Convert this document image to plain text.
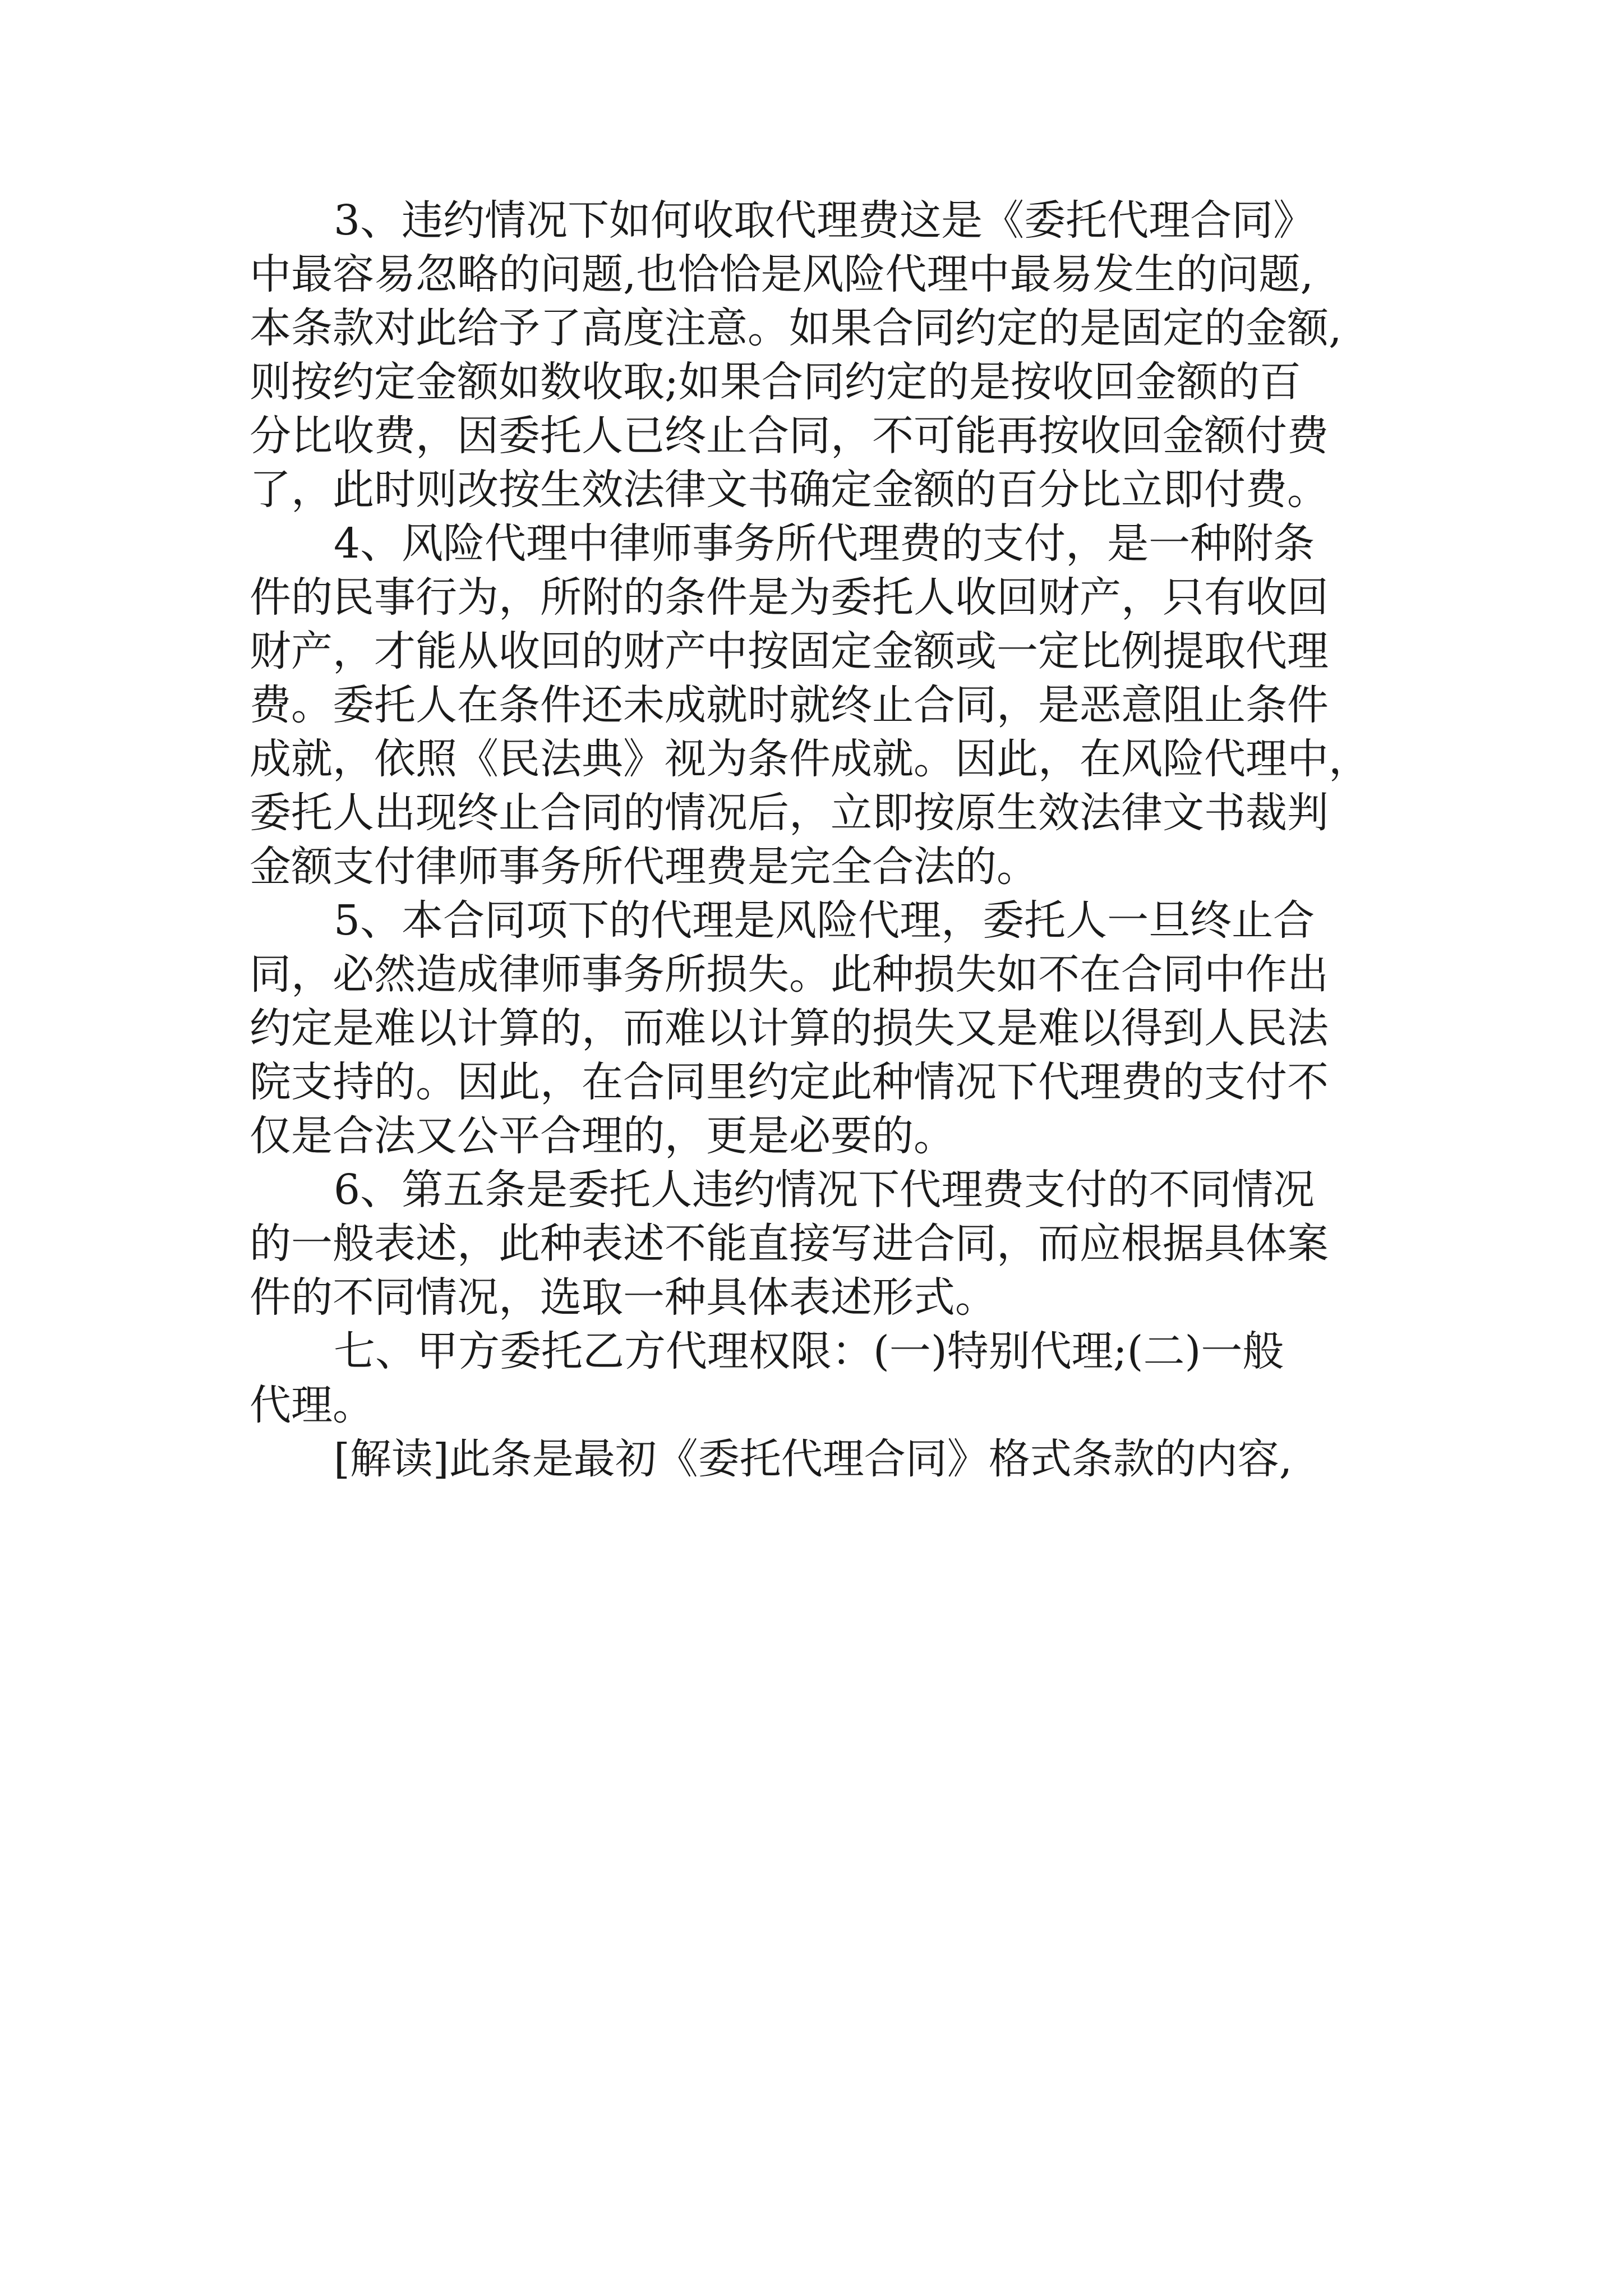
3、违约情况下如何收取代理费这是《委托代理合同》
中最容易忽略的问题,也恰恰是风险代理中最易发生的问题,
本条款对此给予了高度注意。如果合同约定的是固定的金额,
则按约定金额如数收取;如果合同约定的是按收回金额的百
分比收费，因委托人已终止合同，不可能再按收回金额付费
了，此时则改按生效法律文书确定金额的百分比立即付费。
4、风险代理中律师事务所代理费的支付，是一种附条
件的民事行为，所附的条件是为委托人收回财产，只有收回
财产，才能从收回的财产中按固定金额或一定比例提取代理
费。委托人在条件还未成就时就终止合同，是恶意阻止条件
成就，依照《民法典》视为条件成就。因此，在风险代理中，
委托人出现终止合同的情况后，立即按原生效法律文书裁判
金额支付律师事务所代理费是完全合法的。
5、本合同项下的代理是风险代理，委托人一旦终止合
同，必然造成律师事务所损失。此种损失如不在合同中作出
约定是难以计算的，而难以计算的损失又是难以得到人民法
院支持的。因此，在合同里约定此种情况下代理费的支付不
仅是合法又公平合理的，更是必要的。
6、第五条是委托人违约情况下代理费支付的不同情况
的一般表述，此种表述不能直接写进合同，而应根据具体案
件的不同情况，选取一种具体表述形式。
七、甲方委托乙方代理权限：(一)特别代理;(二)一般
代理。
[解读]此条是最初《委托代理合同》格式条款的内容,
